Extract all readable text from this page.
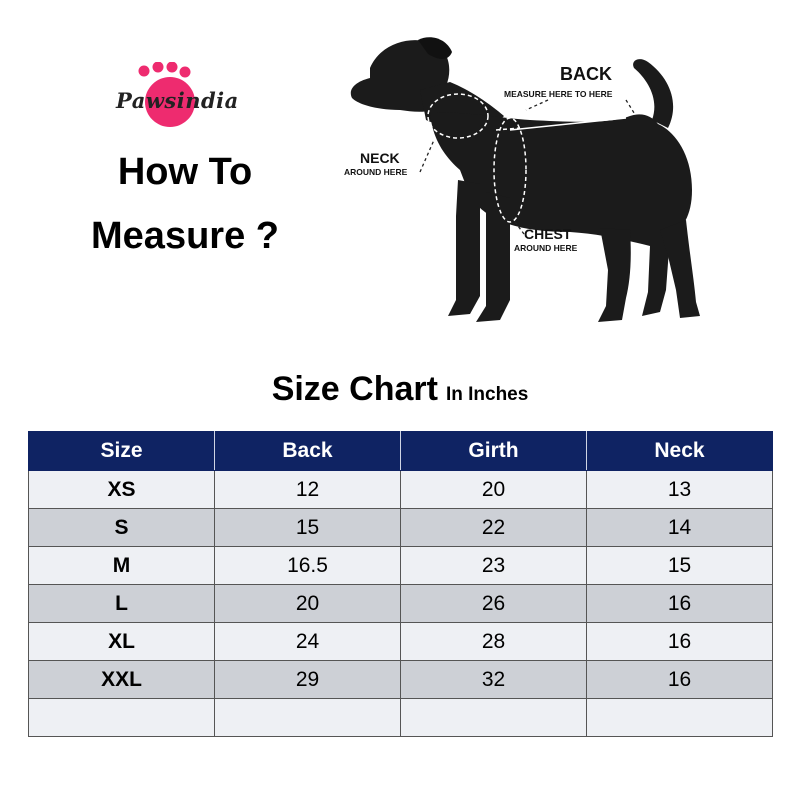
Pawsindia
How To
Measure ?
BACK
MEASURE HERE TO HERE
NECK
AROUND HERE
CHEST
AROUND HERE
Size Chart In Inches
Size	Back	Girth	Neck
XS	12	20	13
S	15	22	14
M	16.5	23	15
L	20	26	16
XL	24	28	16
XXL	29	32	16
